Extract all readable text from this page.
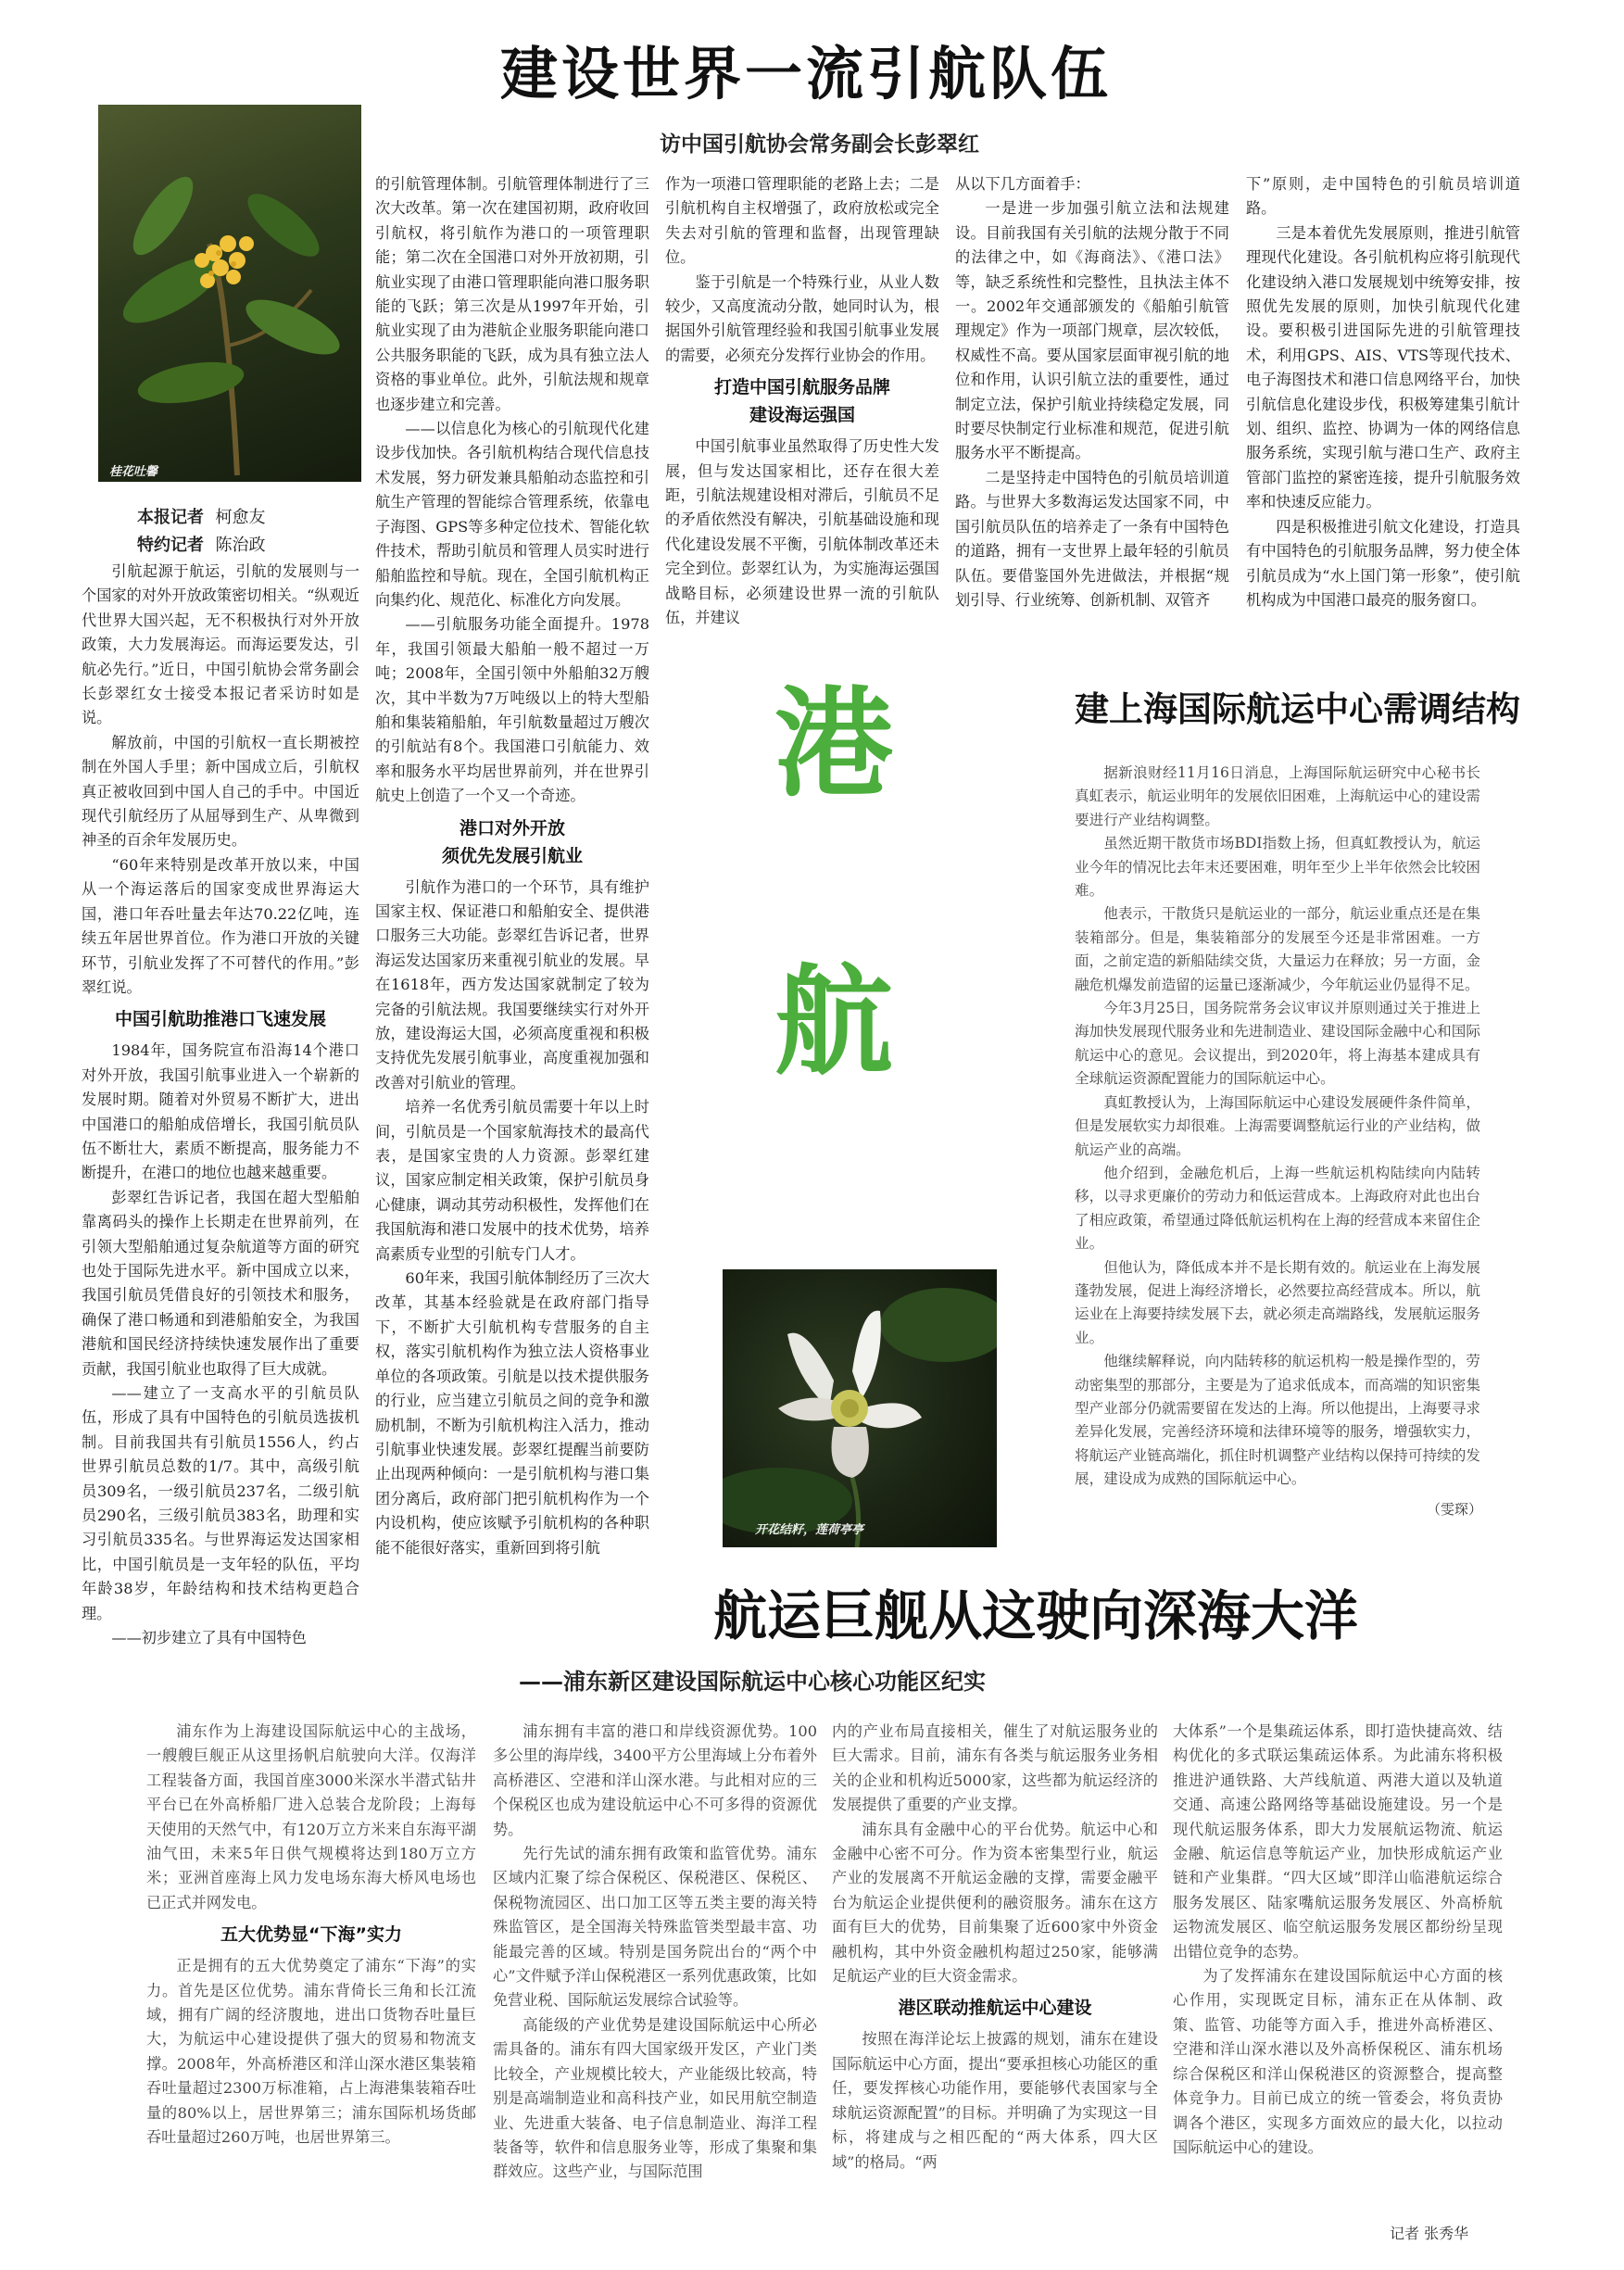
建设世界一流引航队伍
访中国引航协会常务副会长彭翠红
桂花吐馨
本报记者 柯愈友
特约记者 陈治政

引航起源于航运，引航的发展则与一个国家的对外开放政策密切相关。“纵观近代世界大国兴起，无不积极执行对外开放政策，大力发展海运。而海运要发达，引航必先行。”近日，中国引航协会常务副会长彭翠红女士接受本报记者采访时如是说。

解放前，中国的引航权一直长期被控制在外国人手里；新中国成立后，引航权真正被收回到中国人自己的手中。中国近现代引航经历了从屈辱到生产、从卑微到神圣的百余年发展历史。

“60年来特别是改革开放以来，中国从一个海运落后的国家变成世界海运大国，港口年吞吐量去年达70.22亿吨，连续五年居世界首位。作为港口开放的关键环节，引航业发挥了不可替代的作用。”彭翠红说。

中国引航助推港口飞速发展

1984年，国务院宣布沿海14个港口对外开放，我国引航事业进入一个崭新的发展时期。随着对外贸易不断扩大，进出中国港口的船舶成倍增长，我国引航员队伍不断壮大，素质不断提高，服务能力不断提升，在港口的地位也越来越重要。

彭翠红告诉记者，我国在超大型船舶靠离码头的操作上长期走在世界前列，在引领大型船舶通过复杂航道等方面的研究也处于国际先进水平。新中国成立以来，我国引航员凭借良好的引领技术和服务，确保了港口畅通和到港船舶安全，为我国港航和国民经济持续快速发展作出了重要贡献，我国引航业也取得了巨大成就。

——建立了一支高水平的引航员队伍，形成了具有中国特色的引航员选拔机制。目前我国共有引航员1556人，约占世界引航员总数的1/7。其中，高级引航员309名，一级引航员237名，二级引航员290名，三级引航员383名，助理和实习引航员335名。与世界海运发达国家相比，中国引航员是一支年轻的队伍，平均年龄38岁，年龄结构和技术结构更趋合理。

——初步建立了具有中国特色

的引航管理体制。引航管理体制进行了三次大改革。第一次在建国初期，政府收回引航权，将引航作为港口的一项管理职能；第二次在全国港口对外开放初期，引航业实现了由港口管理职能向港口服务职能的飞跃；第三次是从1997年开始，引航业实现了由为港航企业服务职能向港口公共服务职能的飞跃，成为具有独立法人资格的事业单位。此外，引航法规和规章也逐步建立和完善。

——以信息化为核心的引航现代化建设步伐加快。各引航机构结合现代信息技术发展，努力研发兼具船舶动态监控和引航生产管理的智能综合管理系统，依靠电子海图、GPS等多种定位技术、智能化软件技术，帮助引航员和管理人员实时进行船舶监控和导航。现在，全国引航机构正向集约化、规范化、标准化方向发展。

——引航服务功能全面提升。1978年，我国引领最大船舶一般不超过一万吨；2008年，全国引领中外船舶32万艘次，其中半数为7万吨级以上的特大型船舶和集装箱船舶，年引航数量超过万艘次的引航站有8个。我国港口引航能力、效率和服务水平均居世界前列，并在世界引航史上创造了一个又一个奇迹。

港口对外开放
须优先发展引航业

引航作为港口的一个环节，具有维护国家主权、保证港口和船舶安全、提供港口服务三大功能。彭翠红告诉记者，世界海运发达国家历来重视引航业的发展。早在1618年，西方发达国家就制定了较为完备的引航法规。我国要继续实行对外开放，建设海运大国，必须高度重视和积极支持优先发展引航事业，高度重视加强和改善对引航业的管理。

培养一名优秀引航员需要十年以上时间，引航员是一个国家航海技术的最高代表，是国家宝贵的人力资源。彭翠红建议，国家应制定相关政策，保护引航员身心健康，调动其劳动积极性，发挥他们在我国航海和港口发展中的技术优势，培养高素质专业型的引航专门人才。

60年来，我国引航体制经历了三次大改革，其基本经验就是在政府部门指导下，不断扩大引航机构专营服务的自主权，落实引航机构作为独立法人资格事业单位的各项政策。引航是以技术提供服务的行业，应当建立引航员之间的竞争和激励机制，不断为引航机构注入活力，推动引航事业快速发展。彭翠红提醒当前要防止出现两种倾向：一是引航机构与港口集团分离后，政府部门把引航机构作为一个内设机构，使应该赋予引航机构的各种职能不能很好落实，重新回到将引航

作为一项港口管理职能的老路上去；二是引航机构自主权增强了，政府放松或完全失去对引航的管理和监督，出现管理缺位。

鉴于引航是一个特殊行业，从业人数较少，又高度流动分散，她同时认为，根据国外引航管理经验和我国引航事业发展的需要，必须充分发挥行业协会的作用。

打造中国引航服务品牌
建设海运强国

中国引航事业虽然取得了历史性大发展，但与发达国家相比，还存在很大差距，引航法规建设相对滞后，引航员不足的矛盾依然没有解决，引航基础设施和现代化建设发展不平衡，引航体制改革还未完全到位。彭翠红认为，为实施海运强国战略目标，必须建设世界一流的引航队伍，并建议

从以下几方面着手：

一是进一步加强引航立法和法规建设。目前我国有关引航的法规分散于不同的法律之中，如《海商法》、《港口法》等，缺乏系统性和完整性，且执法主体不一。2002年交通部颁发的《船舶引航管理规定》作为一项部门规章，层次较低，权威性不高。要从国家层面审视引航的地位和作用，认识引航立法的重要性，通过制定立法，保护引航业持续稳定发展，同时要尽快制定行业标准和规范，促进引航服务水平不断提高。

二是坚持走中国特色的引航员培训道路。与世界大多数海运发达国家不同，中国引航员队伍的培养走了一条有中国特色的道路，拥有一支世界上最年轻的引航员队伍。要借鉴国外先进做法，并根据“规划引导、行业统筹、创新机制、双管齐

下”原则，走中国特色的引航员培训道路。

三是本着优先发展原则，推进引航管理现代化建设。各引航机构应将引航现代化建设纳入港口发展规划中统筹安排，按照优先发展的原则，加快引航现代化建设。要积极引进国际先进的引航管理技术，利用GPS、AIS、VTS等现代技术、电子海图技术和港口信息网络平台，加快引航信息化建设步伐，积极筹建集引航计划、组织、监控、协调为一体的网络信息服务系统，实现引航与港口生产、政府主管部门监控的紧密连接，提升引航服务效率和快速反应能力。

四是积极推进引航文化建设，打造具有中国特色的引航服务品牌，努力使全体引航员成为“水上国门第一形象”，使引航机构成为中国港口最亮的服务窗口。

港
航
开花结籽，莲荷亭亭
建上海国际航运中心需调结构

据新浪财经11月16日消息，上海国际航运研究中心秘书长真虹表示，航运业明年的发展依旧困难，上海航运中心的建设需要进行产业结构调整。

虽然近期干散货市场BDI指数上扬，但真虹教授认为，航运业今年的情况比去年末还要困难，明年至少上半年依然会比较困难。

他表示，干散货只是航运业的一部分，航运业重点还是在集装箱部分。但是，集装箱部分的发展至今还是非常困难。一方面，之前定造的新船陆续交货，大量运力在释放；另一方面，金融危机爆发前造留的运量已逐渐减少，今年航运业仍显得不足。

今年3月25日，国务院常务会议审议并原则通过关于推进上海加快发展现代服务业和先进制造业、建设国际金融中心和国际航运中心的意见。会议提出，到2020年，将上海基本建成具有全球航运资源配置能力的国际航运中心。

真虹教授认为，上海国际航运中心建设发展硬件条件简单，但是发展软实力却很难。上海需要调整航运行业的产业结构，做航运产业的高端。

他介绍到，金融危机后，上海一些航运机构陆续向内陆转移，以寻求更廉价的劳动力和低运营成本。上海政府对此也出台了相应政策，希望通过降低航运机构在上海的经营成本来留住企业。

但他认为，降低成本并不是长期有效的。航运业在上海发展蓬勃发展，促进上海经济增长，必然要拉高经营成本。所以，航运业在上海要持续发展下去，就必须走高端路线，发展航运服务业。

他继续解释说，向内陆转移的航运机构一般是操作型的，劳动密集型的那部分，主要是为了追求低成本，而高端的知识密集型产业部分仍就需要留在发达的上海。所以他提出，上海要寻求差异化发展，完善经济环境和法律环境等的服务，增强软实力，将航运产业链高端化，抓住时机调整产业结构以保持可持续的发展，建设成为成熟的国际航运中心。

（雯琛）
航运巨舰从这驶向深海大洋
——浦东新区建设国际航运中心核心功能区纪实

浦东作为上海建设国际航运中心的主战场，一艘艘巨舰正从这里扬帆启航驶向大洋。仅海洋工程装备方面，我国首座3000米深水半潜式钻井平台已在外高桥船厂进入总装合龙阶段；上海每天使用的天然气中，有120万立方米来自东海平湖油气田，未来5年日供气规模将达到180万立方米；亚洲首座海上风力发电场东海大桥风电场也已正式并网发电。

五大优势显“下海”实力

正是拥有的五大优势奠定了浦东“下海”的实力。首先是区位优势。浦东背倚长三角和长江流域，拥有广阔的经济腹地，进出口货物吞吐量巨大，为航运中心建设提供了强大的贸易和物流支撑。2008年，外高桥港区和洋山深水港区集装箱吞吐量超过2300万标准箱，占上海港集装箱吞吐量的80%以上，居世界第三；浦东国际机场货邮吞吐量超过260万吨，也居世界第三。

浦东拥有丰富的港口和岸线资源优势。100多公里的海岸线，3400平方公里海域上分布着外高桥港区、空港和洋山深水港。与此相对应的三个保税区也成为建设航运中心不可多得的资源优势。

先行先试的浦东拥有政策和监管优势。浦东区域内汇聚了综合保税区、保税港区、保税区、保税物流园区、出口加工区等五类主要的海关特殊监管区，是全国海关特殊监管类型最丰富、功能最完善的区域。特别是国务院出台的“两个中心”文件赋予洋山保税港区一系列优惠政策，比如免营业税、国际航运发展综合试验等。

高能级的产业优势是建设国际航运中心所必需具备的。浦东有四大国家级开发区，产业门类比较全，产业规模比较大，产业能级比较高，特别是高端制造业和高科技产业，如民用航空制造业、先进重大装备、电子信息制造业、海洋工程装备等，软件和信息服务业等，形成了集聚和集群效应。这些产业，与国际范围

内的产业布局直接相关，催生了对航运服务业的巨大需求。目前，浦东有各类与航运服务业务相关的企业和机构近5000家，这些都为航运经济的发展提供了重要的产业支撑。

浦东具有金融中心的平台优势。航运中心和金融中心密不可分。作为资本密集型行业，航运产业的发展离不开航运金融的支撑，需要金融平台为航运企业提供便利的融资服务。浦东在这方面有巨大的优势，目前集聚了近600家中外资金融机构，其中外资金融机构超过250家，能够满足航运产业的巨大资金需求。

港区联动推航运中心建设

按照在海洋论坛上披露的规划，浦东在建设国际航运中心方面，提出“要承担核心功能区的重任，要发挥核心功能作用，要能够代表国家与全球航运资源配置”的目标。并明确了为实现这一目标，将建成与之相匹配的“两大体系，四大区域”的格局。“两

大体系”一个是集疏运体系，即打造快捷高效、结构优化的多式联运集疏运体系。为此浦东将积极推进沪通铁路、大芦线航道、两港大道以及轨道交通、高速公路网络等基础设施建设。另一个是现代航运服务体系，即大力发展航运物流、航运金融、航运信息等航运产业，加快形成航运产业链和产业集群。“四大区域”即洋山临港航运综合服务发展区、陆家嘴航运服务发展区、外高桥航运物流发展区、临空航运服务发展区都纷纷呈现出错位竞争的态势。

为了发挥浦东在建设国际航运中心方面的核心作用，实现既定目标，浦东正在从体制、政策、监管、功能等方面入手，推进外高桥港区、空港和洋山深水港以及外高桥保税区、浦东机场综合保税区和洋山保税港区的资源整合，提高整体竞争力。目前已成立的统一管委会，将负责协调各个港区，实现多方面效应的最大化，以拉动国际航运中心的建设。

记者 张秀华
